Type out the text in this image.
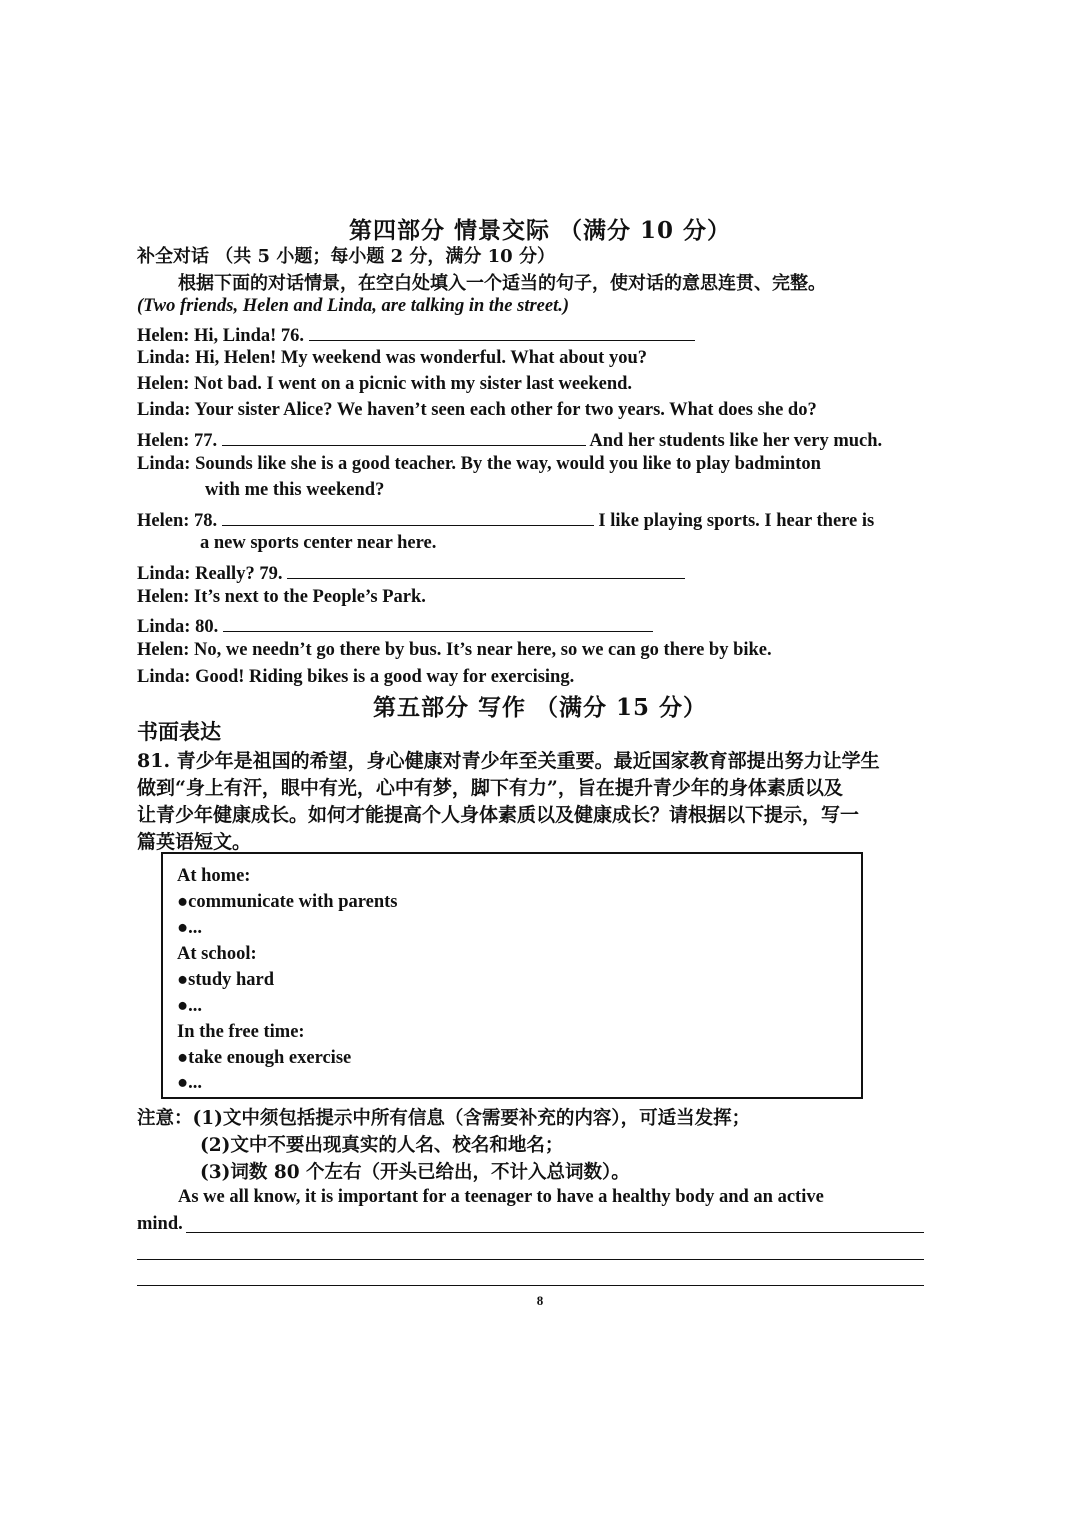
第四部分 情景交际 （满分 10 分）
补全对话 （共 5 小题；每小题 2 分，满分 10 分）
根据下面的对话情景，在空白处填入一个适当的句子，使对话的意思连贯、完整。
(Two friends, Helen and Linda, are talking in the street.)
Helen: Hi, Linda! 76.
Linda: Hi, Helen! My weekend was wonderful. What about you?
Helen: Not bad. I went on a picnic with my sister last weekend.
Linda: Your sister Alice? We haven’t seen each other for two years. What does she do?
Helen: 77.	And her students like her very much.
Linda: Sounds like she is a good teacher. By the way, would you like to play badminton
with me this weekend?
Helen: 78.	I like playing sports. I hear there is
a new sports center near here.
Linda: Really? 79.
Helen: It’s next to the People’s Park.
Linda: 80.
Helen: No, we needn’t go there by bus. It’s near here, so we can go there by bike.
Linda: Good! Riding bikes is a good way for exercising.
第五部分 写作 （满分 15 分）
书面表达
81. 青少年是祖国的希望，身心健康对青少年至关重要。最近国家教育部提出努力让学生
做到“身上有汗，眼中有光，心中有梦，脚下有力”，旨在提升青少年的身体素质以及
让青少年健康成长。如何才能提高个人身体素质以及健康成长？请根据以下提示，写一
篇英语短文。
At home:
●communicate with parents
●...
At school:
●study hard
●...
In the free time:
●take enough exercise
●...
注意：(1)文中须包括提示中所有信息（含需要补充的内容），可适当发挥；
(2)文中不要出现真实的人名、校名和地名；
(3)词数 80 个左右（开头已给出，不计入总词数）。
As we all know, it is important for a teenager to have a healthy body and an active
mind.
8
